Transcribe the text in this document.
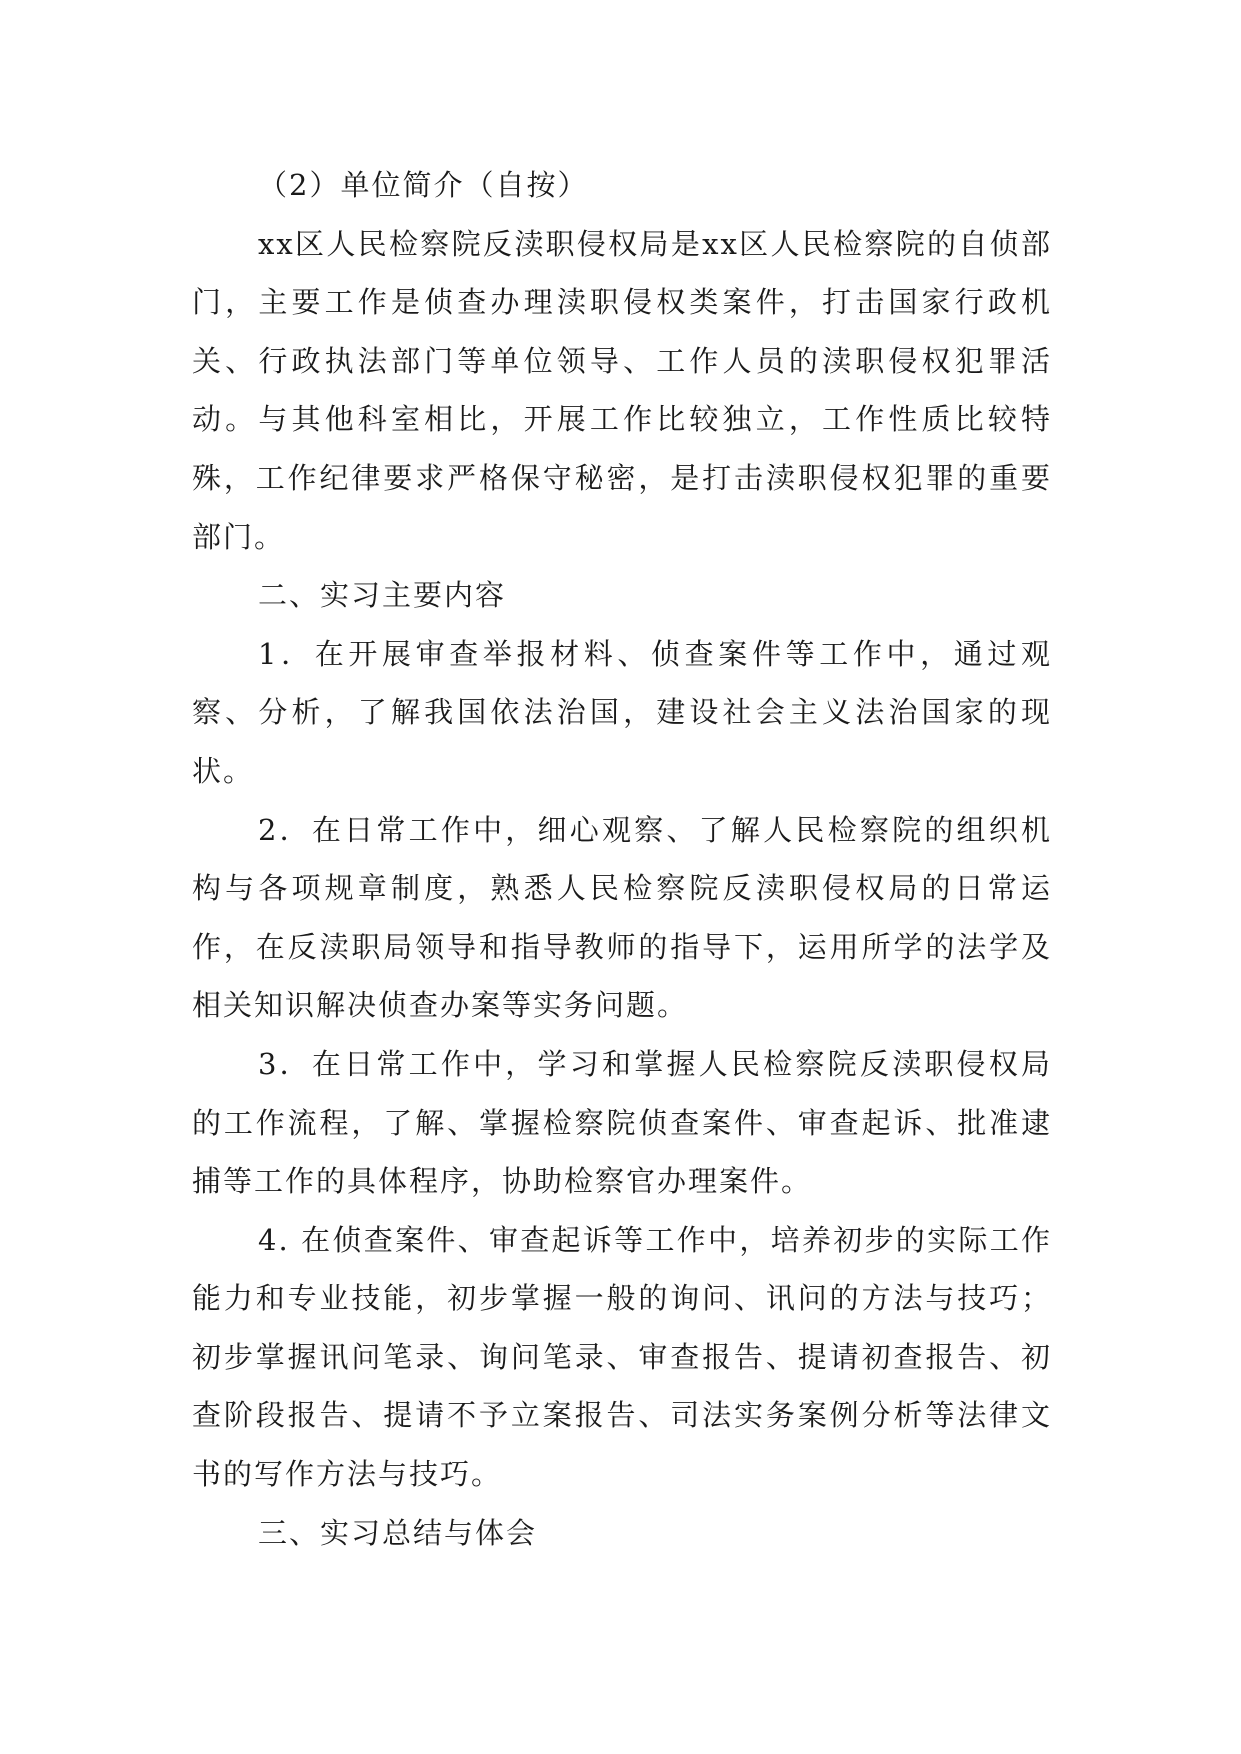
（2）单位简介（自按）

xx区人民检察院反渎职侵权局是xx区人民检察院的自侦部门，主要工作是侦查办理渎职侵权类案件，打击国家行政机关、行政执法部门等单位领导、工作人员的渎职侵权犯罪活动。与其他科室相比，开展工作比较独立，工作性质比较特殊，工作纪律要求严格保守秘密，是打击渎职侵权犯罪的重要部门。

二、实习主要内容

1．在开展审查举报材料、侦查案件等工作中，通过观察、分析，了解我国依法治国，建设社会主义法治国家的现状。

2．在日常工作中，细心观察、了解人民检察院的组织机构与各项规章制度，熟悉人民检察院反渎职侵权局的日常运作，在反渎职局领导和指导教师的指导下，运用所学的法学及相关知识解决侦查办案等实务问题。

3．在日常工作中，学习和掌握人民检察院反渎职侵权局的工作流程，了解、掌握检察院侦查案件、审查起诉、批准逮捕等工作的具体程序，协助检察官办理案件。

4. 在侦查案件、审查起诉等工作中，培养初步的实际工作能力和专业技能，初步掌握一般的询问、讯问的方法与技巧；初步掌握讯问笔录、询问笔录、审查报告、提请初查报告、初查阶段报告、提请不予立案报告、司法实务案例分析等法律文书的写作方法与技巧。

三、实习总结与体会
